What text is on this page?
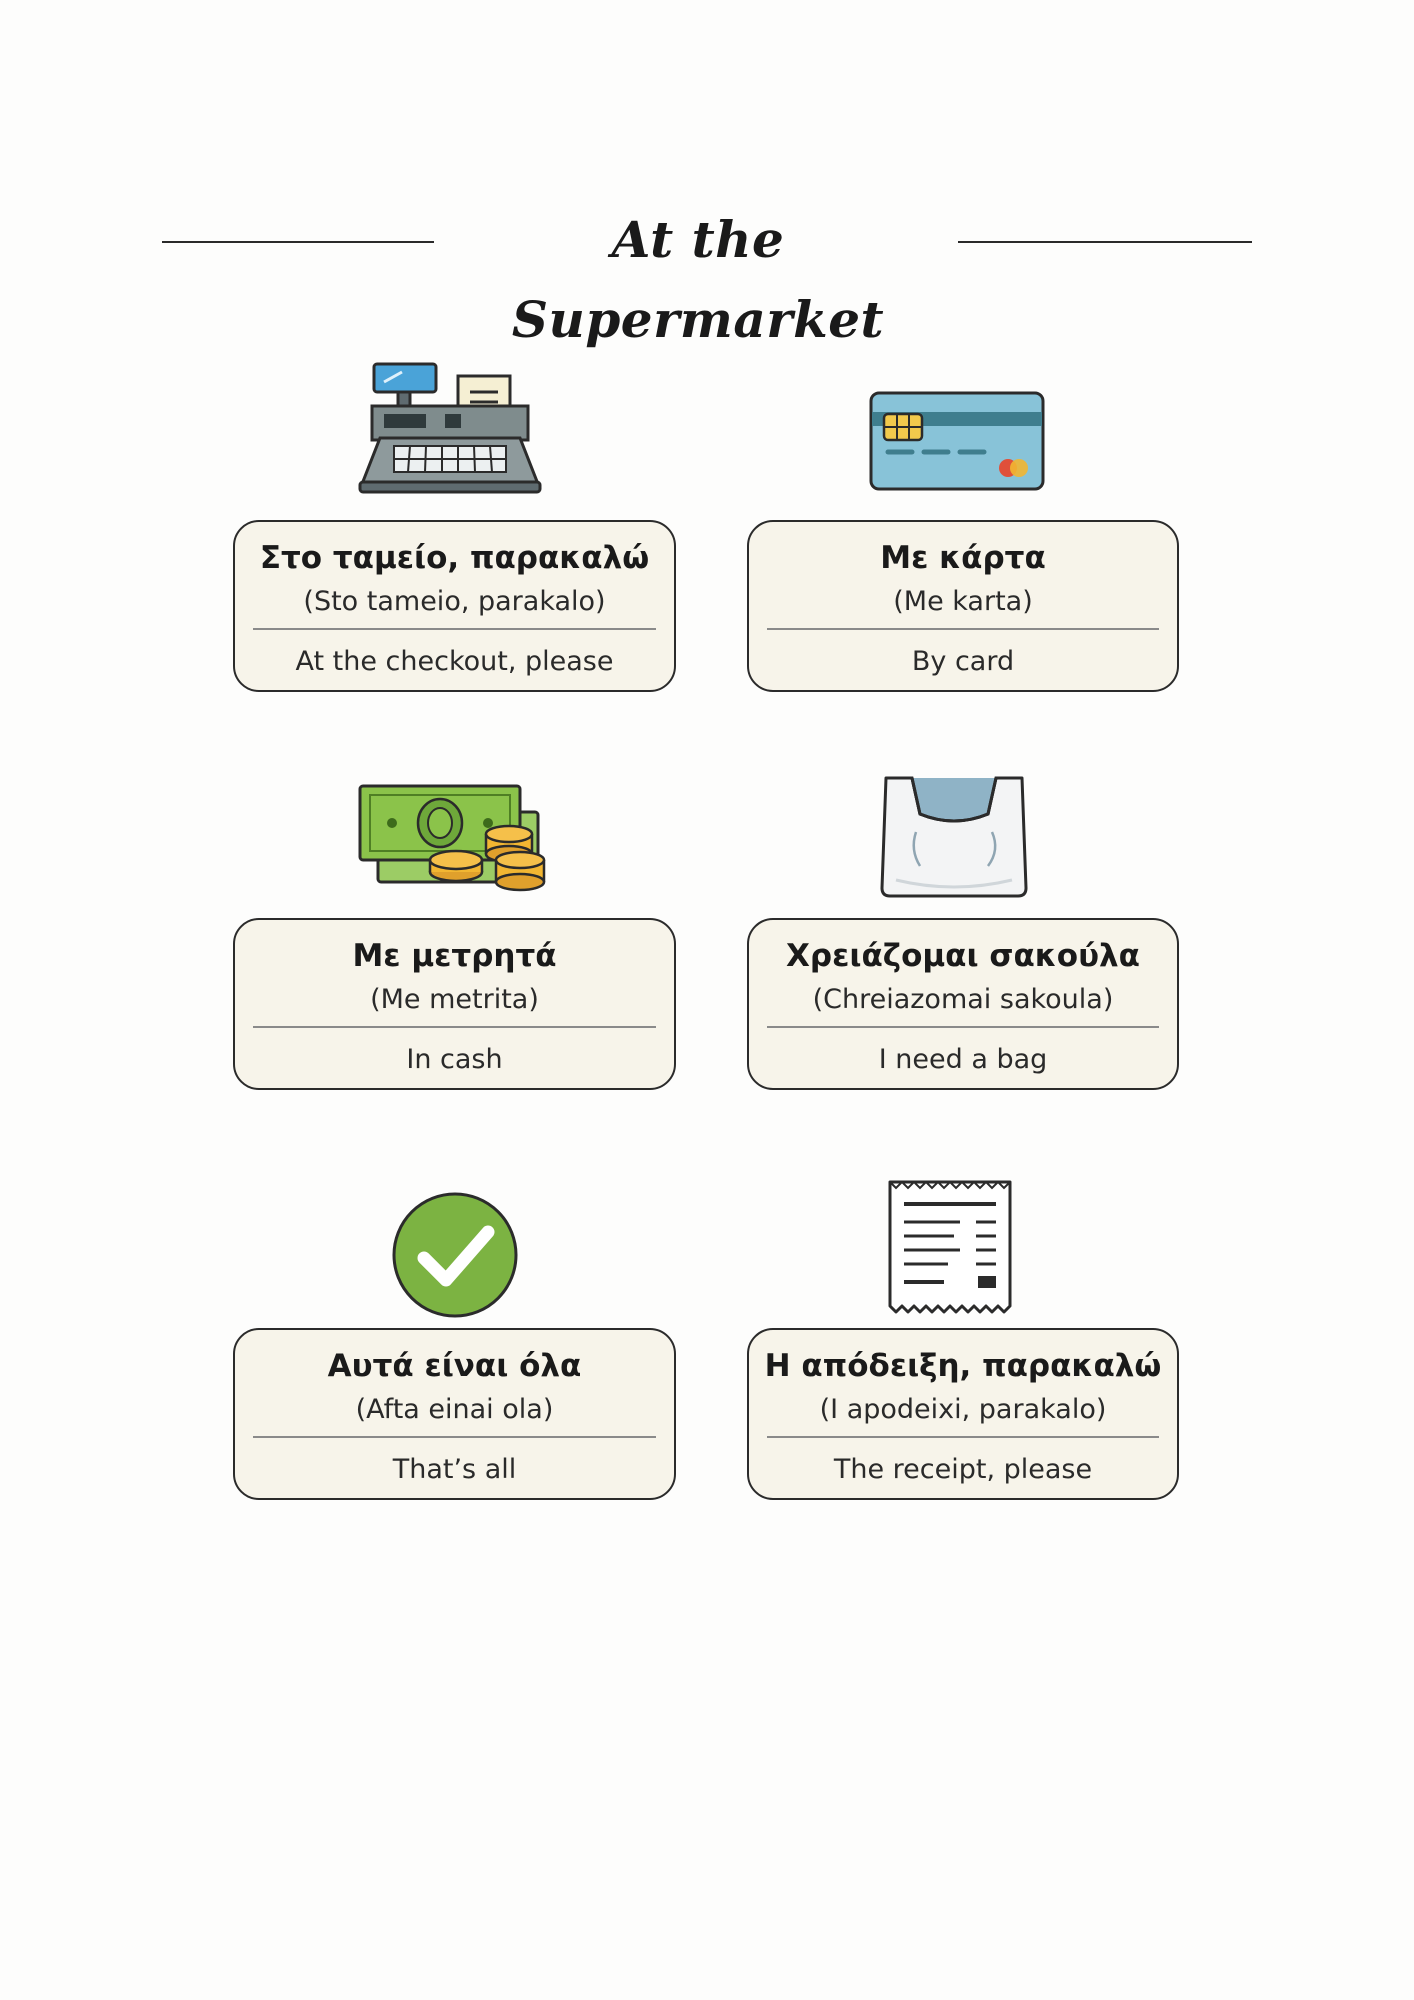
At the Supermarket
Στο ταμείο, παρακαλώ
(Sto tameio, parakalo)
At the checkout, please
Με κάρτα
(Me karta)
By card
Με μετρητά
(Me metrita)
In cash
Χρειάζομαι σακούλα
(Chreiazomai sakoula)
I need a bag
Αυτά είναι όλα
(Afta einai ola)
That’s all
Η απόδειξη, παρακαλώ
(I apodeixi, parakalo)
The receipt, please
